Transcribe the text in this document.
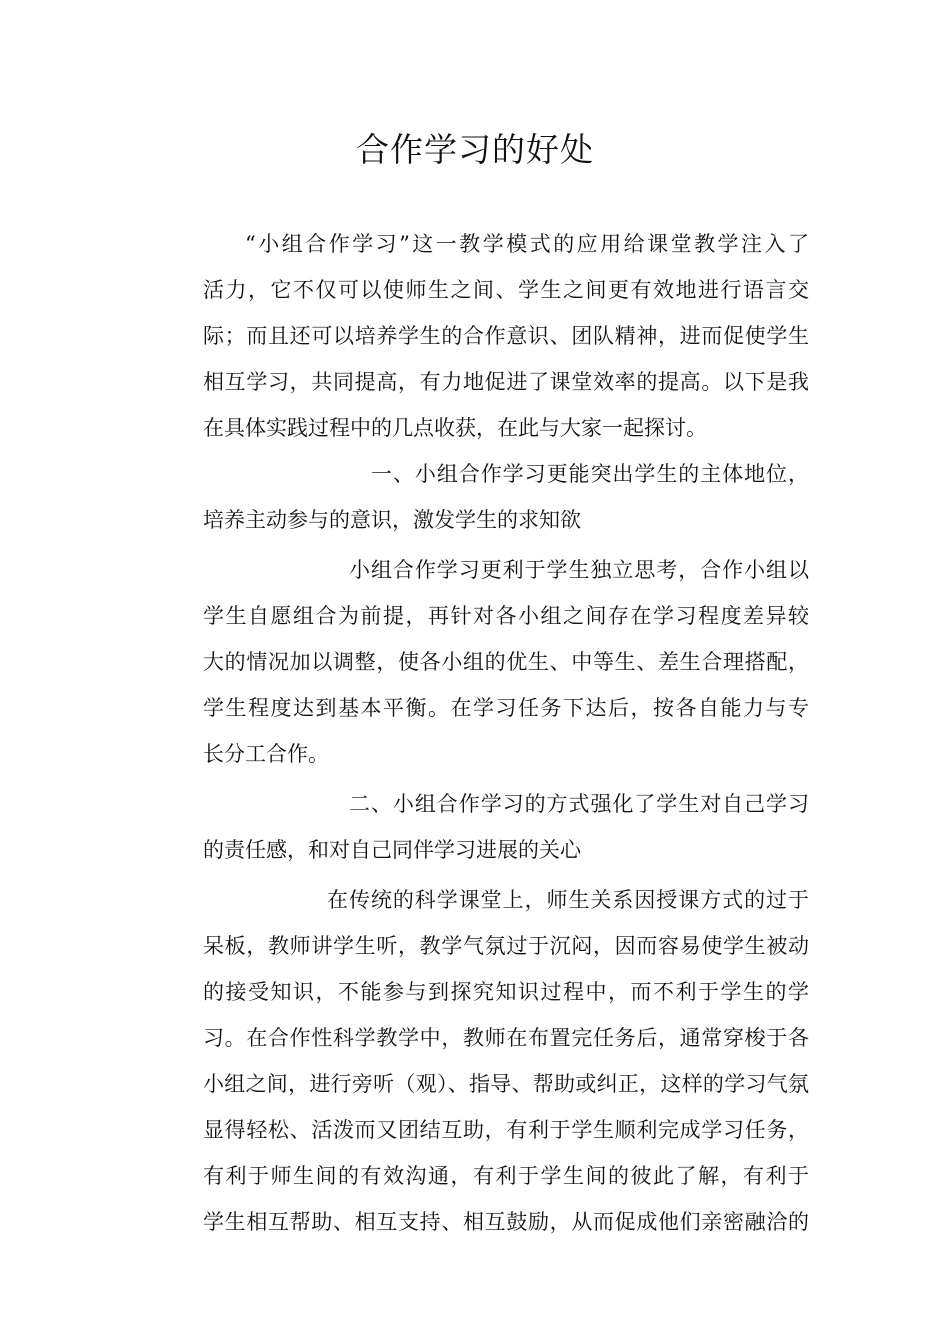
合作学习的好处
“小组合作学习”这一教学模式的应用给课堂教学注入了
活力，它不仅可以使师生之间、学生之间更有效地进行语言交
际；而且还可以培养学生的合作意识、团队精神，进而促使学生
相互学习，共同提高，有力地促进了课堂效率的提高。以下是我
在具体实践过程中的几点收获，在此与大家一起探讨。
一、小组合作学习更能突出学生的主体地位，
培养主动参与的意识，激发学生的求知欲
小组合作学习更利于学生独立思考，合作小组以
学生自愿组合为前提，再针对各小组之间存在学习程度差异较
大的情况加以调整，使各小组的优生、中等生、差生合理搭配，
学生程度达到基本平衡。在学习任务下达后，按各自能力与专
长分工合作。
二、小组合作学习的方式强化了学生对自己学习
的责任感，和对自己同伴学习进展的关心
在传统的科学课堂上，师生关系因授课方式的过于
呆板，教师讲学生听，教学气氛过于沉闷，因而容易使学生被动
的接受知识，不能参与到探究知识过程中，而不利于学生的学
习。在合作性科学教学中，教师在布置完任务后，通常穿梭于各
小组之间，进行旁听（观）、指导、帮助或纠正，这样的学习气氛
显得轻松、活泼而又团结互助，有利于学生顺利完成学习任务，
有利于师生间的有效沟通，有利于学生间的彼此了解，有利于
学生相互帮助、相互支持、相互鼓励，从而促成他们亲密融洽的
